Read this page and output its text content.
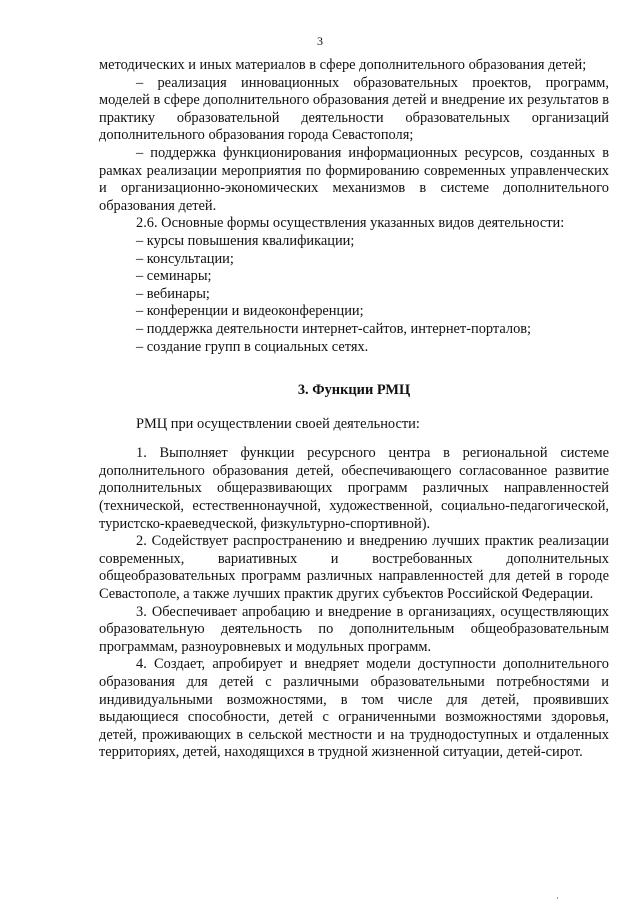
3

методических и иных материалов в сфере дополнительного образования детей;

– реализация инновационных образовательных проектов, программ, моделей в сфере дополнительного образования детей и внедрение их результатов в практику образовательной деятельности образовательных организаций дополнительного образования города Севастополя;

– поддержка функционирования информационных ресурсов, созданных в рамках реализации мероприятия по формированию современных управленческих и организационно-экономических механизмов в системе дополнительного образования детей.

2.6. Основные формы осуществления указанных видов деятельности:

– курсы повышения квалификации;
– консультации;
– семинары;
– вебинары;
– конференции и видеоконференции;
– поддержка деятельности интернет-сайтов, интернет-порталов;
– создание групп в социальных сетях.
3. Функции РМЦ

РМЦ при осуществлении своей деятельности:

1. Выполняет функции ресурсного центра в региональной системе дополнительного образования детей, обеспечивающего согласованное развитие дополнительных общеразвивающих программ различных направленностей (технической, естественнонаучной, художественной, социально-педагогической, туристско-краеведческой, физкультурно-спортивной).

2. Содействует распространению и внедрению лучших практик реализации современных, вариативных и востребованных дополнительных общеобразовательных программ различных направленностей для детей в городе Севастополе, а также лучших практик других субъектов Российской Федерации.

3. Обеспечивает апробацию и внедрение в организациях, осуществляющих образовательную деятельность по дополнительным общеобразовательным программам, разноуровневых и модульных программ.

4. Создает, апробирует и внедряет модели доступности дополнительного образования для детей с различными образовательными потребностями и индивидуальными возможностями, в том числе для детей, проявивших выдающиеся способности, детей с ограниченными возможностями здоровья, детей, проживающих в сельской местности и на труднодоступных и отдаленных территориях, детей, находящихся в трудной жизненной ситуации, детей-сирот.

·
